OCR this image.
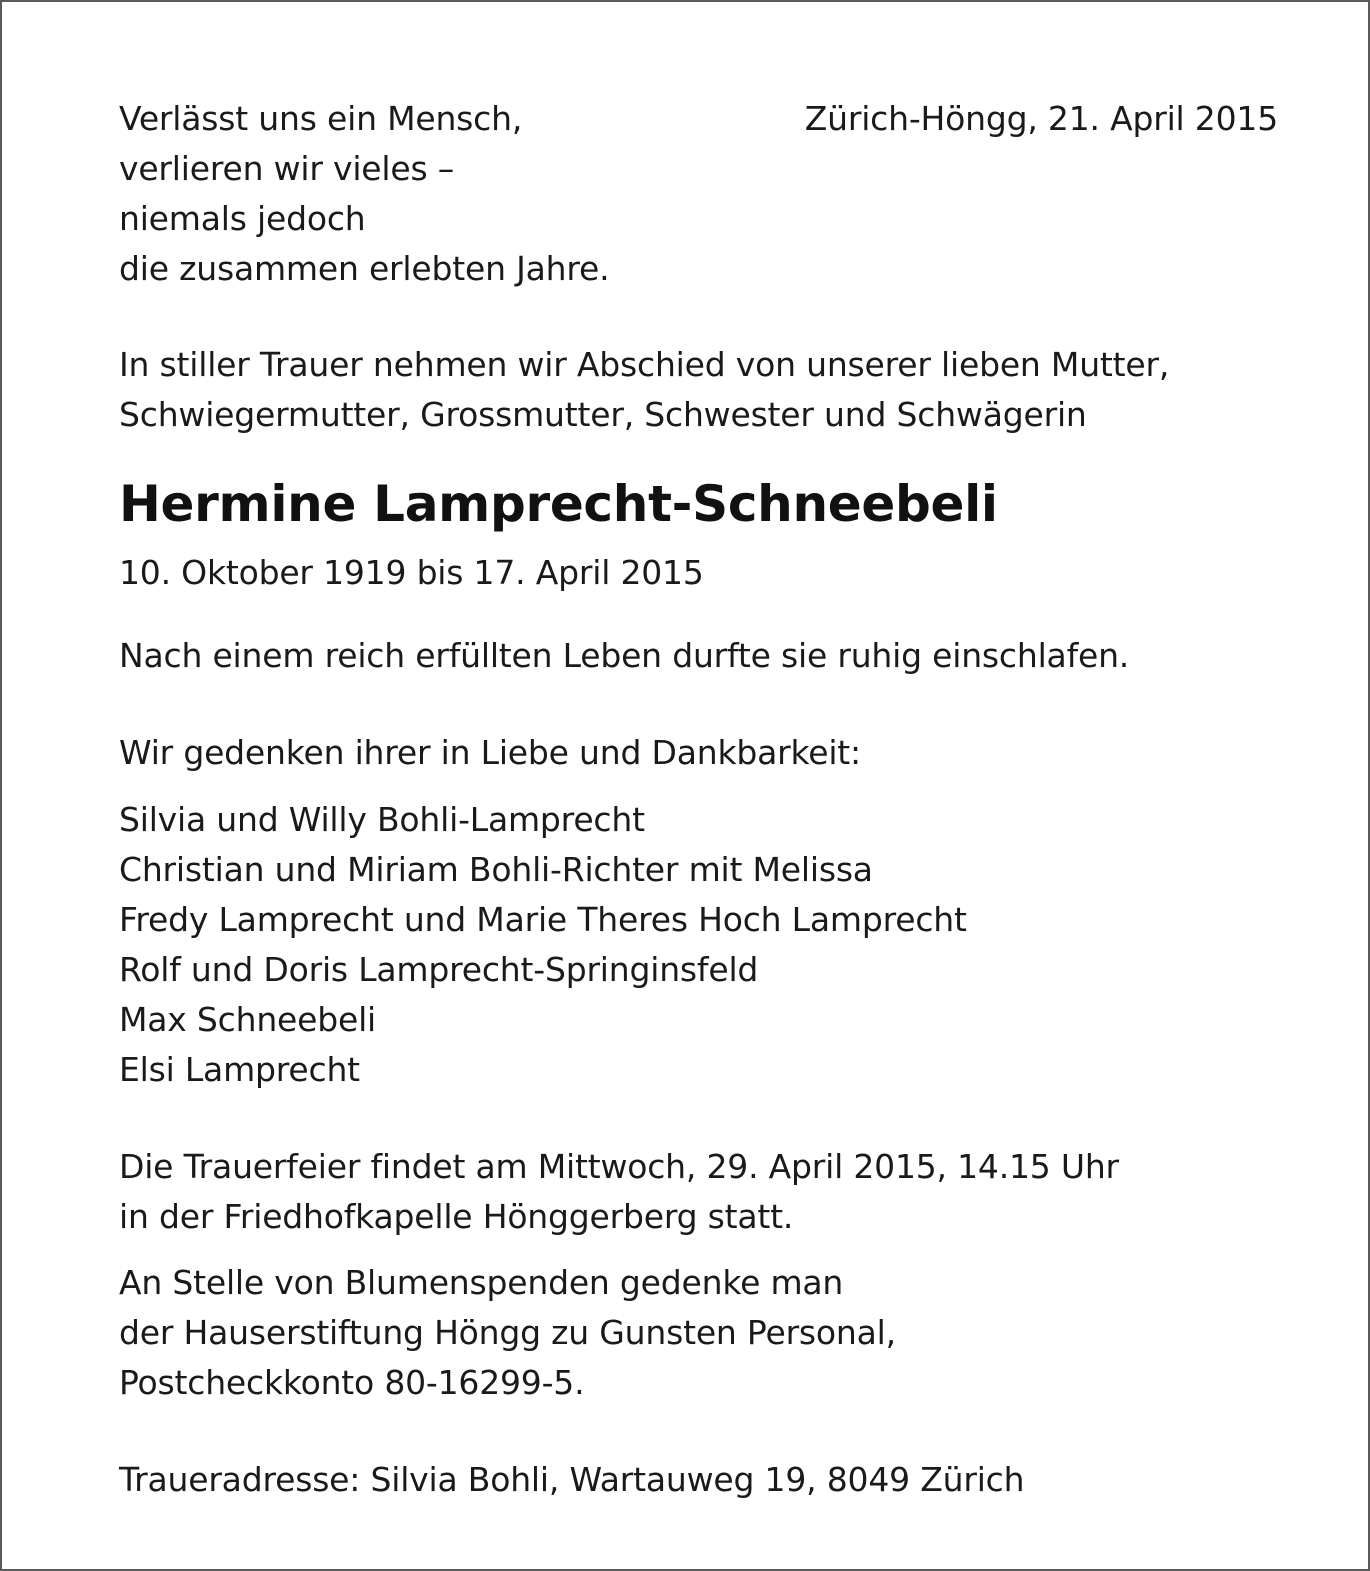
Verlässt uns ein Mensch,

verlieren wir vieles –

niemals jedoch

die zusammen erlebten Jahre.

Zürich-Höngg, 21. April 2015

In stiller Trauer nehmen wir Abschied von unserer lieben Mutter,

Schwiegermutter, Grossmutter, Schwester und Schwägerin

Hermine Lamprecht-Schneebeli

10. Oktober 1919 bis 17. April 2015

Nach einem reich erfüllten Leben durfte sie ruhig einschlafen.

Wir gedenken ihrer in Liebe und Dankbarkeit:

Silvia und Willy Bohli-Lamprecht

Christian und Miriam Bohli-Richter mit Melissa

Fredy Lamprecht und Marie Theres Hoch Lamprecht

Rolf und Doris Lamprecht-Springinsfeld

Max Schneebeli

Elsi Lamprecht

Die Trauerfeier findet am Mittwoch, 29. April 2015, 14.15 Uhr

in der Friedhofkapelle Hönggerberg statt.

An Stelle von Blumenspenden gedenke man

der Hauserstiftung Höngg zu Gunsten Personal,

Postcheckkonto 80-16299-5.

Traueradresse: Silvia Bohli, Wartauweg 19, 8049 Zürich
